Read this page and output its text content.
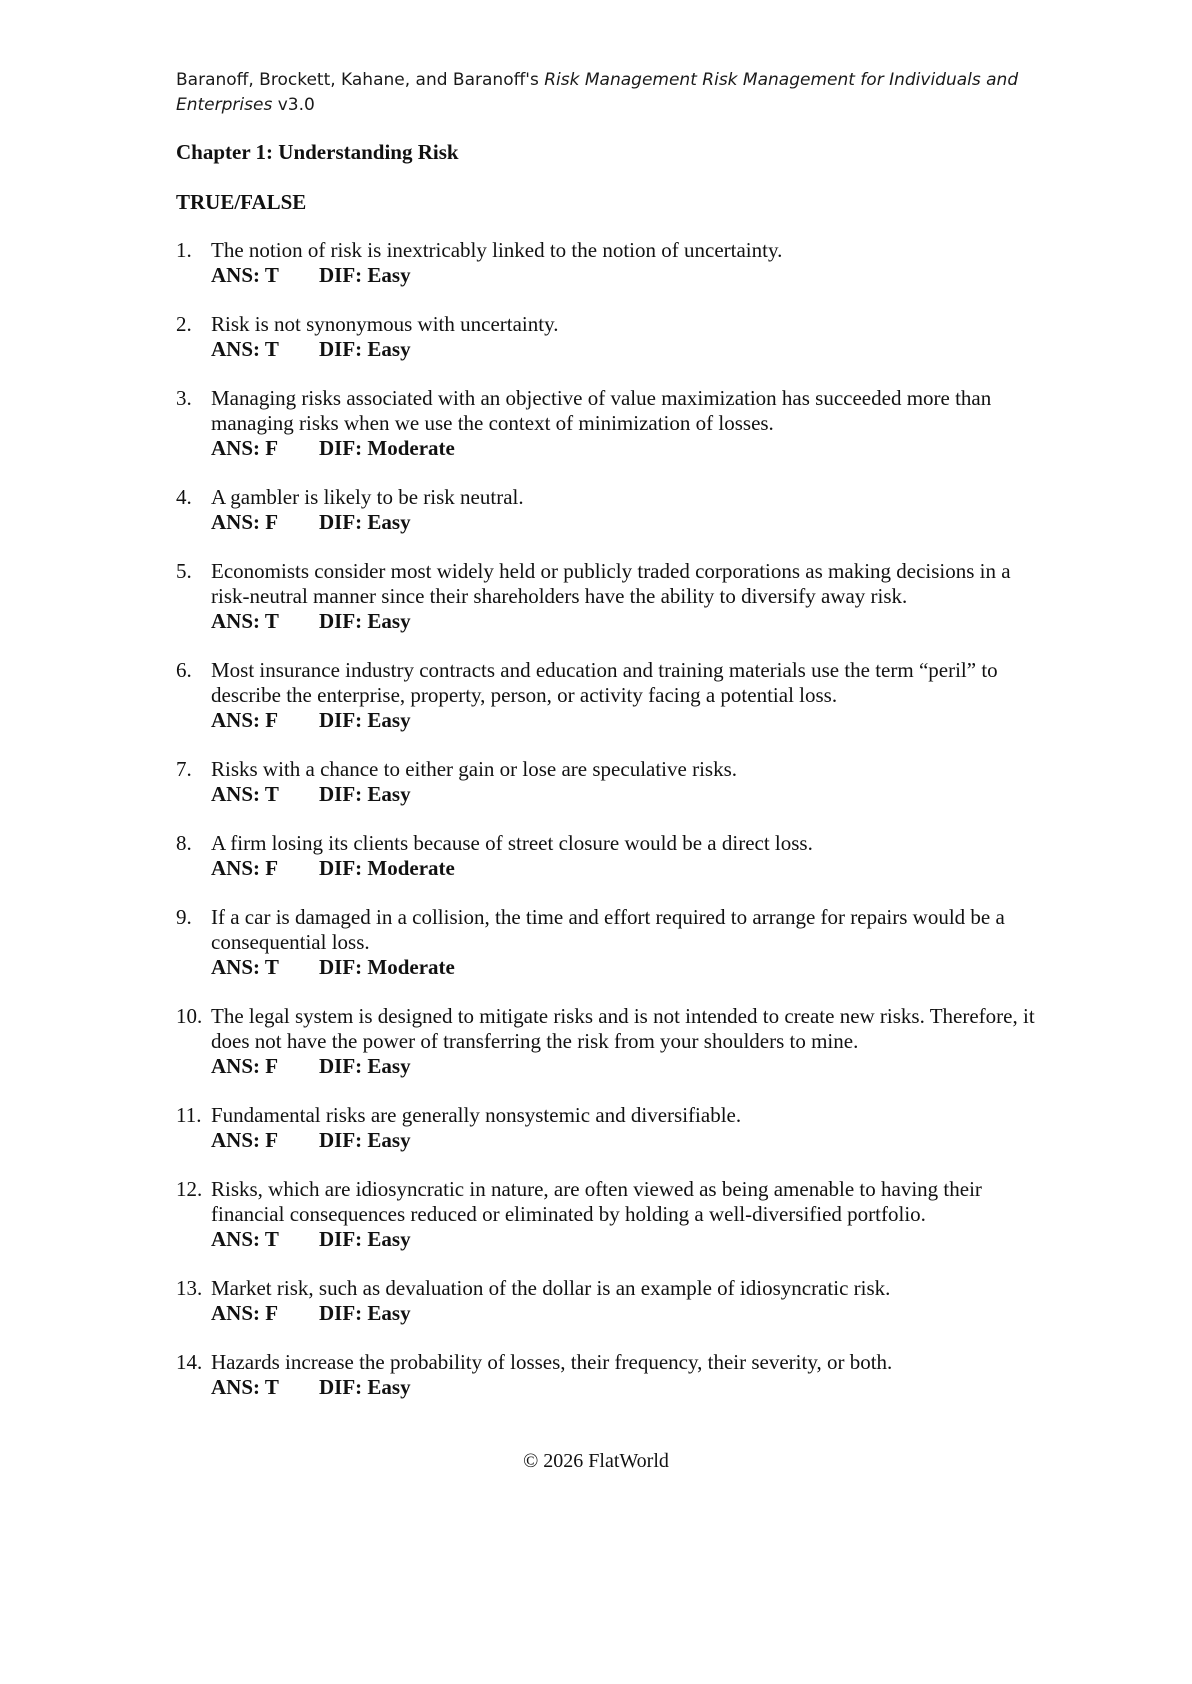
Baranoff, Brockett, Kahane, and Baranoff's Risk Management Risk Management for Individuals and Enterprises v3.0
Chapter 1: Understanding Risk
TRUE/FALSE
1. The notion of risk is inextricably linked to the notion of uncertainty.
ANS: T DIF: Easy
2. Risk is not synonymous with uncertainty.
ANS: T DIF: Easy
3. Managing risks associated with an objective of value maximization has succeeded more than managing risks when we use the context of minimization of losses.
ANS: F DIF: Moderate
4. A gambler is likely to be risk neutral.
ANS: F DIF: Easy
5. Economists consider most widely held or publicly traded corporations as making decisions in a risk-neutral manner since their shareholders have the ability to diversify away risk.
ANS: T DIF: Easy
6. Most insurance industry contracts and education and training materials use the term “peril” to describe the enterprise, property, person, or activity facing a potential loss.
ANS: F DIF: Easy
7. Risks with a chance to either gain or lose are speculative risks.
ANS: T DIF: Easy
8. A firm losing its clients because of street closure would be a direct loss.
ANS: F DIF: Moderate
9. If a car is damaged in a collision, the time and effort required to arrange for repairs would be a consequential loss.
ANS: T DIF: Moderate
10. The legal system is designed to mitigate risks and is not intended to create new risks. Therefore, it does not have the power of transferring the risk from your shoulders to mine.
ANS: F DIF: Easy
11. Fundamental risks are generally nonsystemic and diversifiable.
ANS: F DIF: Easy
12. Risks, which are idiosyncratic in nature, are often viewed as being amenable to having their financial consequences reduced or eliminated by holding a well-diversified portfolio.
ANS: T DIF: Easy
13. Market risk, such as devaluation of the dollar is an example of idiosyncratic risk.
ANS: F DIF: Easy
14. Hazards increase the probability of losses, their frequency, their severity, or both.
ANS: T DIF: Easy
© 2026 FlatWorld
